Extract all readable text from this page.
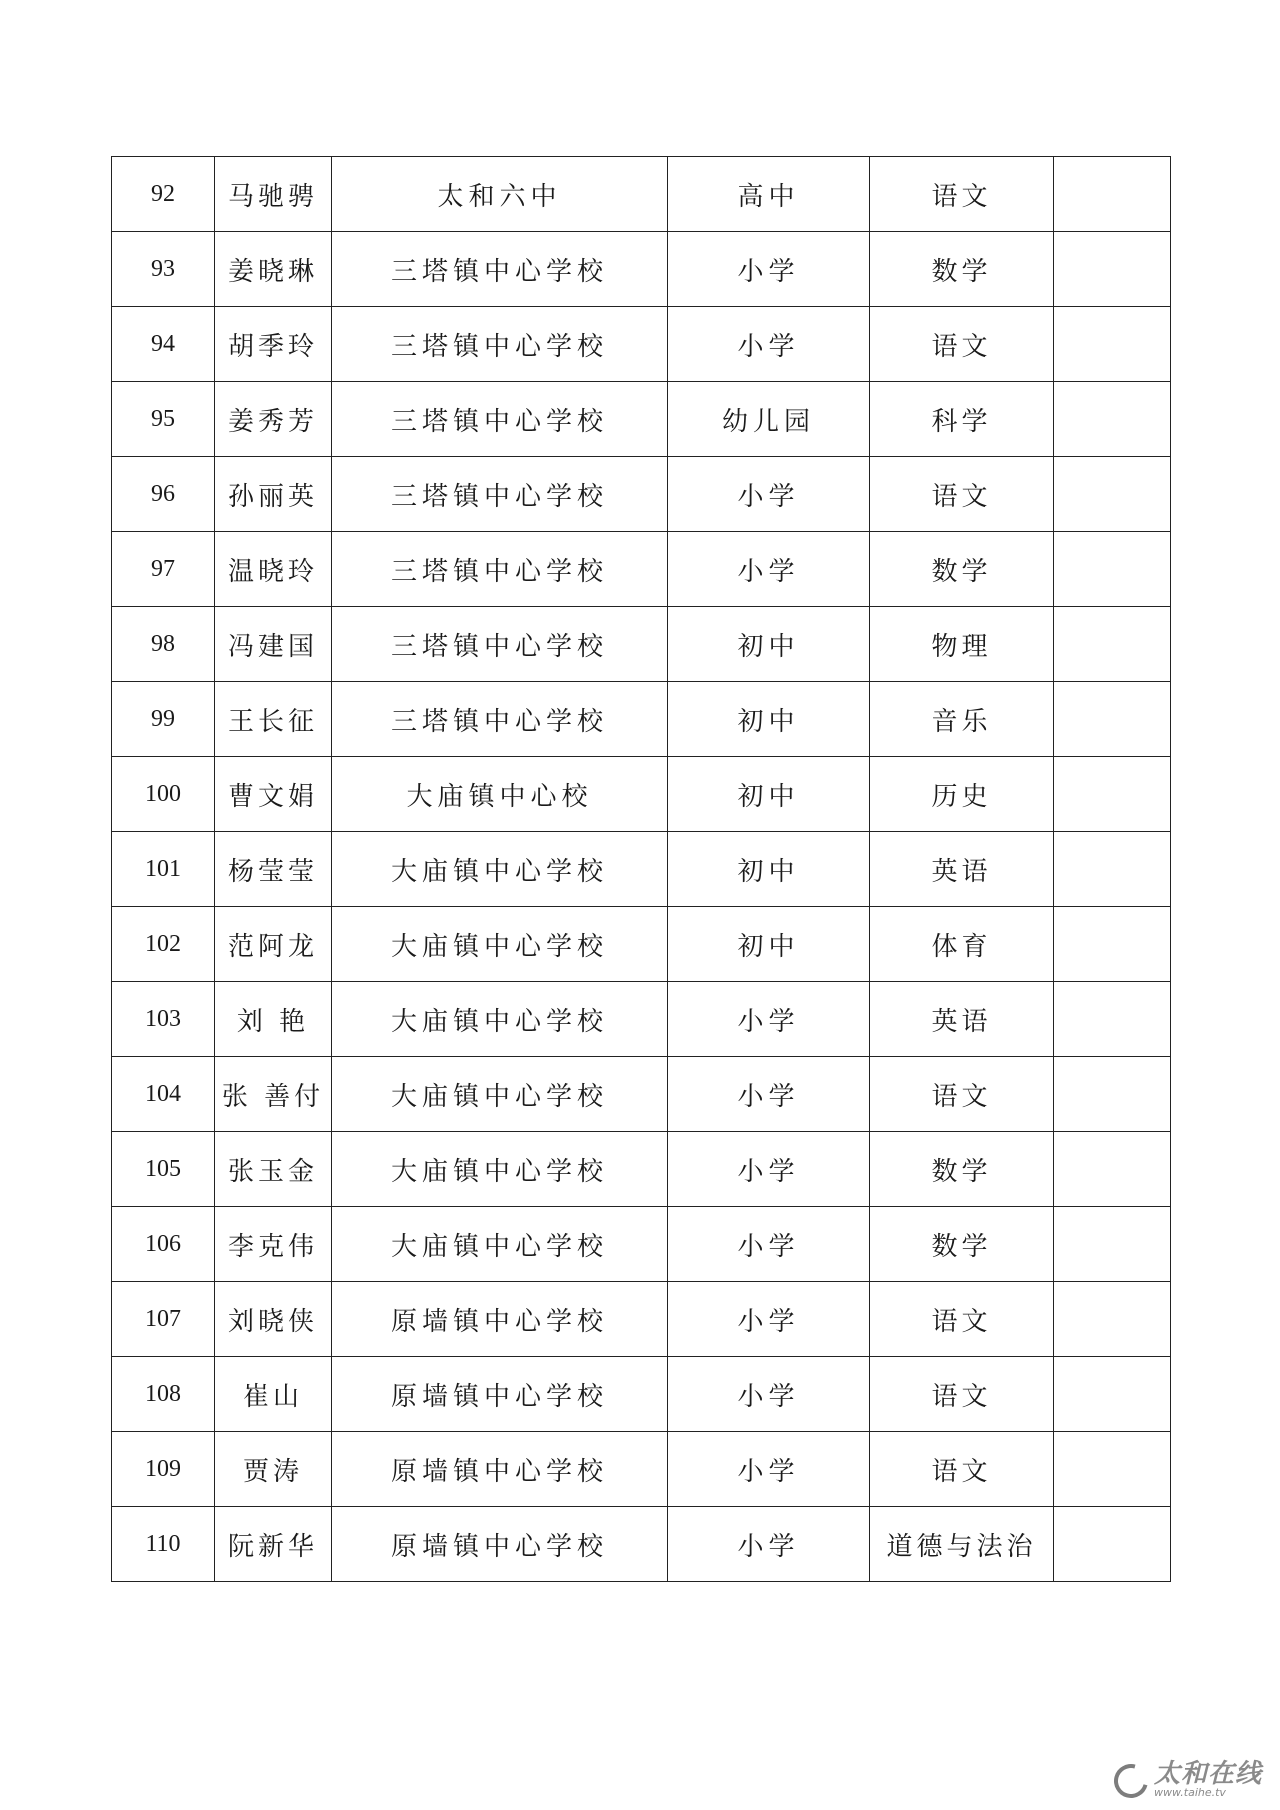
92	马驰骋	太和六中	高中	语文	
93	姜晓琳	三塔镇中心学校	小学	数学	
94	胡季玲	三塔镇中心学校	小学	语文	
95	姜秀芳	三塔镇中心学校	幼儿园	科学	
96	孙丽英	三塔镇中心学校	小学	语文	
97	温晓玲	三塔镇中心学校	小学	数学	
98	冯建国	三塔镇中心学校	初中	物理	
99	王长征	三塔镇中心学校	初中	音乐	
100	曹文娟	大庙镇中心校	初中	历史	
101	杨莹莹	大庙镇中心学校	初中	英语	
102	范阿龙	大庙镇中心学校	初中	体育	
103	刘 艳	大庙镇中心学校	小学	英语	
104	张 善付	大庙镇中心学校	小学	语文	
105	张玉金	大庙镇中心学校	小学	数学	
106	李克伟	大庙镇中心学校	小学	数学	
107	刘晓侠	原墙镇中心学校	小学	语文	
108	崔山	原墙镇中心学校	小学	语文	
109	贾涛	原墙镇中心学校	小学	语文	
110	阮新华	原墙镇中心学校	小学	道德与法治	
太和在线
www.taihe.tv
